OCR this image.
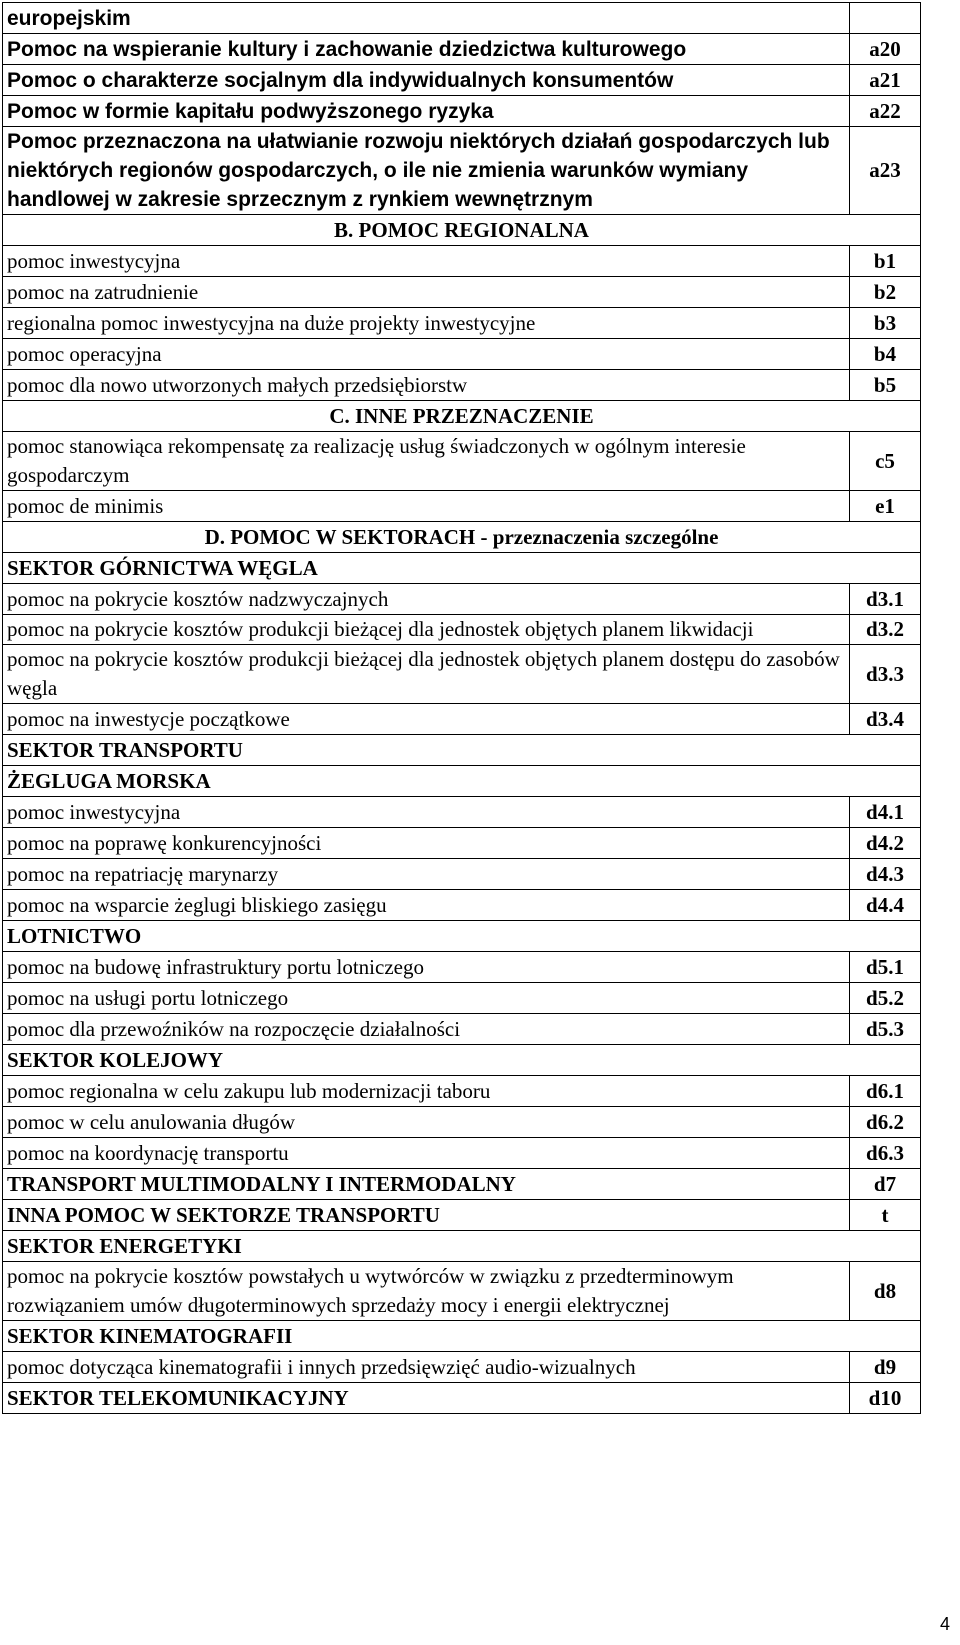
europejskim	
Pomoc na wspieranie kultury i zachowanie dziedzictwa kulturowego	a20
Pomoc o charakterze socjalnym dla indywidualnych konsumentów	a21
Pomoc w formie kapitału podwyższonego ryzyka	a22
Pomoc przeznaczona na ułatwianie rozwoju niektórych działań gospodarczych lub niektórych regionów gospodarczych, o ile nie zmienia warunków wymiany handlowej w zakresie sprzecznym z rynkiem wewnętrznym	a23
B. POMOC REGIONALNA	
pomoc inwestycyjna	b1
pomoc na zatrudnienie	b2
regionalna pomoc inwestycyjna na duże projekty inwestycyjne	b3
pomoc operacyjna	b4
pomoc dla nowo utworzonych małych przedsiębiorstw	b5
C. INNE PRZEZNACZENIE	
pomoc stanowiąca rekompensatę za realizację usług świadczonych w ogólnym interesie gospodarczym	c5
pomoc de minimis	e1
D. POMOC W SEKTORACH - przeznaczenia szczególne	
SEKTOR GÓRNICTWA WĘGLA	
pomoc na pokrycie kosztów nadzwyczajnych	d3.1
pomoc na pokrycie kosztów produkcji bieżącej dla jednostek objętych planem likwidacji	d3.2
pomoc na pokrycie kosztów produkcji bieżącej dla jednostek objętych planem dostępu do zasobów węgla	d3.3
pomoc na inwestycje początkowe	d3.4
SEKTOR TRANSPORTU	
ŻEGLUGA MORSKA	
pomoc inwestycyjna	d4.1
pomoc na poprawę konkurencyjności	d4.2
pomoc na repatriację marynarzy	d4.3
pomoc na wsparcie żeglugi bliskiego zasięgu	d4.4
LOTNICTWO	
pomoc na budowę infrastruktury portu lotniczego	d5.1
pomoc na usługi portu lotniczego	d5.2
pomoc dla przewoźników na rozpoczęcie działalności	d5.3
SEKTOR KOLEJOWY	
pomoc regionalna w celu zakupu lub modernizacji taboru	d6.1
pomoc w celu anulowania długów	d6.2
pomoc na koordynację transportu	d6.3
TRANSPORT MULTIMODALNY I INTERMODALNY	d7
INNA POMOC W SEKTORZE TRANSPORTU	t
SEKTOR ENERGETYKI	
pomoc na pokrycie kosztów powstałych u wytwórców w związku z przedterminowym rozwiązaniem umów długoterminowych sprzedaży mocy i energii elektrycznej	d8
SEKTOR KINEMATOGRAFII	
pomoc dotycząca kinematografii i innych przedsięwzięć audio-wizualnych	d9
SEKTOR TELEKOMUNIKACYJNY	d10
4
